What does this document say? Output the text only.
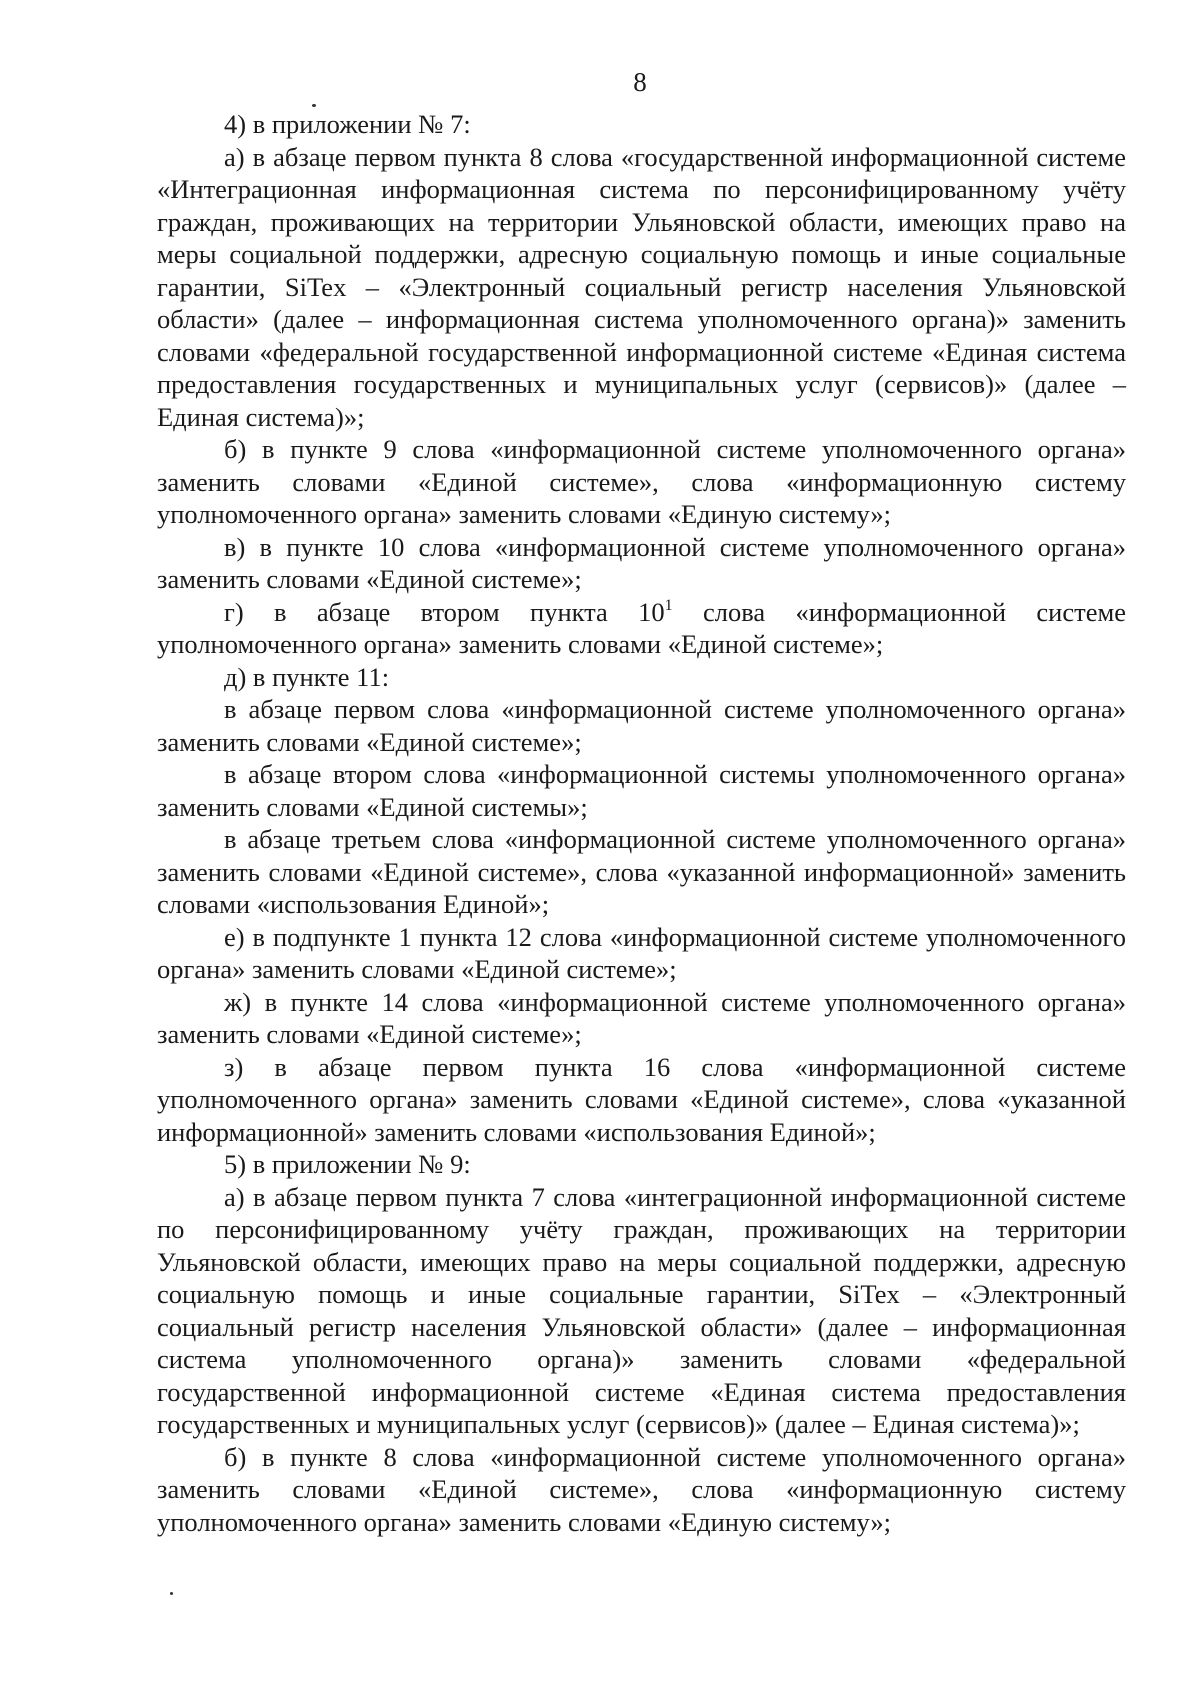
8

4) в приложении № 7:

а) в абзаце первом пункта 8 слова «государственной информационной системе «Интеграционная информационная система по персонифицированному учёту граждан, проживающих на территории Ульяновской области, имеющих право на меры социальной поддержки, адресную социальную помощь и иные социальные гарантии, SiTex – «Электронный социальный регистр населения Ульяновской области» (далее – информационная система уполномоченного органа)» заменить словами «федеральной государственной информационной системе «Единая система предоставления государственных и муниципальных услуг (сервисов)» (далее – Единая система)»;

б) в пункте 9 слова «информационной системе уполномоченного органа» заменить словами «Единой системе», слова «информационную систему уполномоченного органа» заменить словами «Единую систему»;

в) в пункте 10 слова «информационной системе уполномоченного органа» заменить словами «Единой системе»;

г) в абзаце втором пункта $10^1$ слова «информационной системе уполномоченного органа» заменить словами «Единой системе»;

д) в пункте 11:

в абзаце первом слова «информационной системе уполномоченного органа» заменить словами «Единой системе»;

в абзаце втором слова «информационной системы уполномоченного органа» заменить словами «Единой системы»;

в абзаце третьем слова «информационной системе уполномоченного органа» заменить словами «Единой системе», слова «указанной информационной» заменить словами «использования Единой»;

е) в подпункте 1 пункта 12 слова «информационной системе уполномоченного органа» заменить словами «Единой системе»;

ж) в пункте 14 слова «информационной системе уполномоченного органа» заменить словами «Единой системе»;

з) в абзаце первом пункта 16 слова «информационной системе уполномоченного органа» заменить словами «Единой системе», слова «указанной информационной» заменить словами «использования Единой»;

5) в приложении № 9:

а) в абзаце первом пункта 7 слова «интеграционной информационной системе по персонифицированному учёту граждан, проживающих на территории Ульяновской области, имеющих право на меры социальной поддержки, адресную социальную помощь и иные социальные гарантии, SiTex – «Электронный социальный регистр населения Ульяновской области» (далее – информационная система уполномоченного органа)» заменить словами «федеральной государственной информационной системе «Единая система предоставления государственных и муниципальных услуг (сервисов)» (далее – Единая система)»;

б) в пункте 8 слова «информационной системе уполномоченного органа» заменить словами «Единой системе», слова «информационную систему уполномоченного органа» заменить словами «Единую систему»;
